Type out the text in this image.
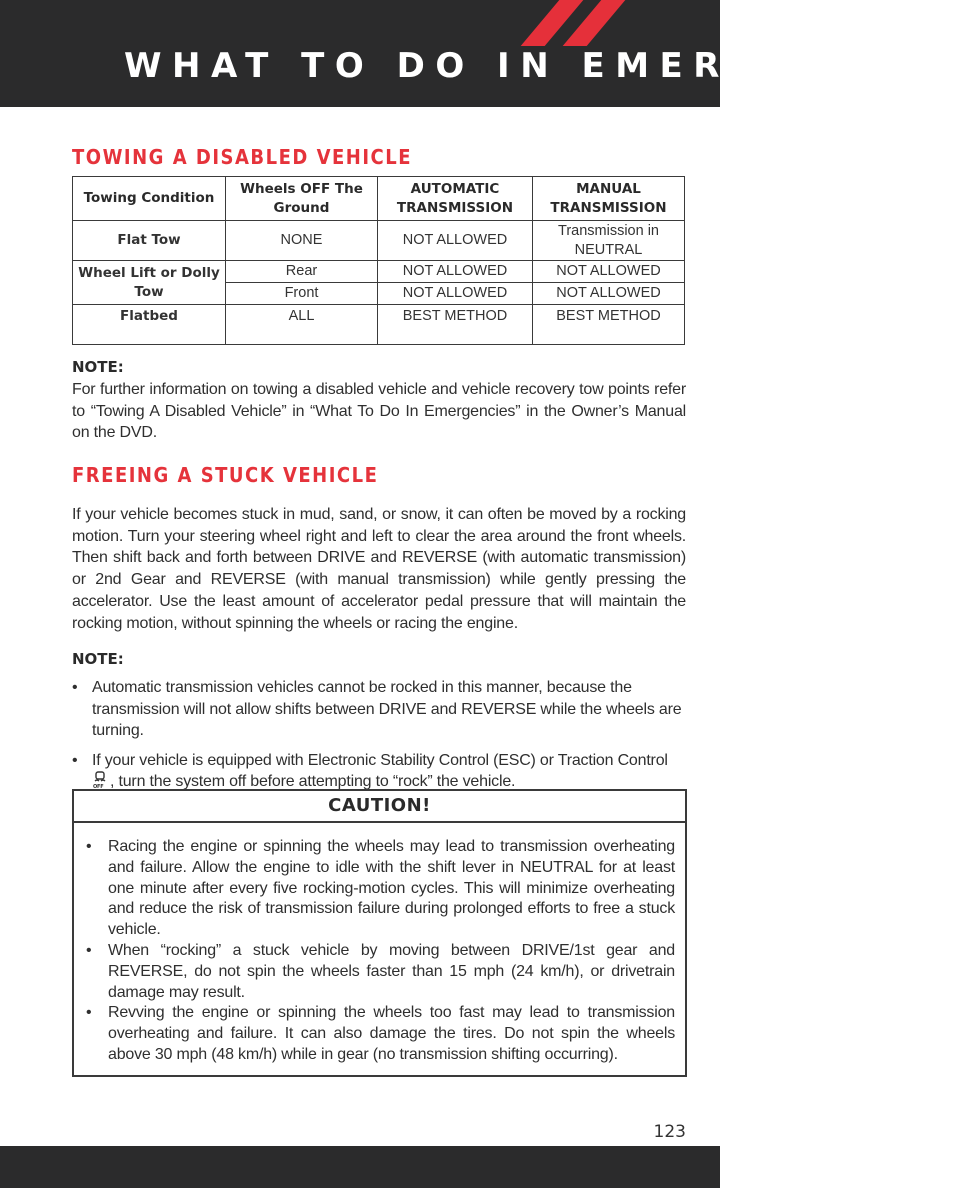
WHAT TO DO IN EMERGENCIES
TOWING A DISABLED VEHICLE
Towing Condition	Wheels OFF The Ground	AUTOMATIC TRANSMISSION	MANUAL TRANSMISSION
Flat Tow	NONE	NOT ALLOWED	Transmission in NEUTRAL
Wheel Lift or Dolly Tow	Rear	NOT ALLOWED	NOT ALLOWED
	Front	NOT ALLOWED	NOT ALLOWED
Flatbed	ALL	BEST METHOD	BEST METHOD
NOTE:
For further information on towing a disabled vehicle and vehicle recovery tow points refer to “Towing A Disabled Vehicle” in “What To Do In Emergencies” in the Owner’s Manual on the DVD.
FREEING A STUCK VEHICLE
If your vehicle becomes stuck in mud, sand, or snow, it can often be moved by a rocking motion. Turn your steering wheel right and left to clear the area around the front wheels. Then shift back and forth between DRIVE and REVERSE (with automatic transmission) or 2nd Gear and REVERSE (with manual transmission) while gently pressing the accelerator. Use the least amount of accelerator pedal pressure that will maintain the rocking motion, without spinning the wheels or racing the engine.
NOTE:
• Automatic transmission vehicles cannot be rocked in this manner, because the transmission will not allow shifts between DRIVE and REVERSE while the wheels are turning.
• If your vehicle is equipped with Electronic Stability Control (ESC) or Traction Control

OFF , turn the system off before attempting to “rock” the vehicle.
CAUTION!
• Racing the engine or spinning the wheels may lead to transmission overheating and failure. Allow the engine to idle with the shift lever in NEUTRAL for at least one minute after every five rocking-motion cycles. This will minimize overheating and reduce the risk of transmission failure during prolonged efforts to free a stuck vehicle.
• When “rocking” a stuck vehicle by moving between DRIVE/1st gear and REVERSE, do not spin the wheels faster than 15 mph (24 km/h), or drivetrain damage may result.
• Revving the engine or spinning the wheels too fast may lead to transmission overheating and failure. It can also damage the tires. Do not spin the wheels above 30 mph (48 km/h) while in gear (no transmission shifting occurring).
123
